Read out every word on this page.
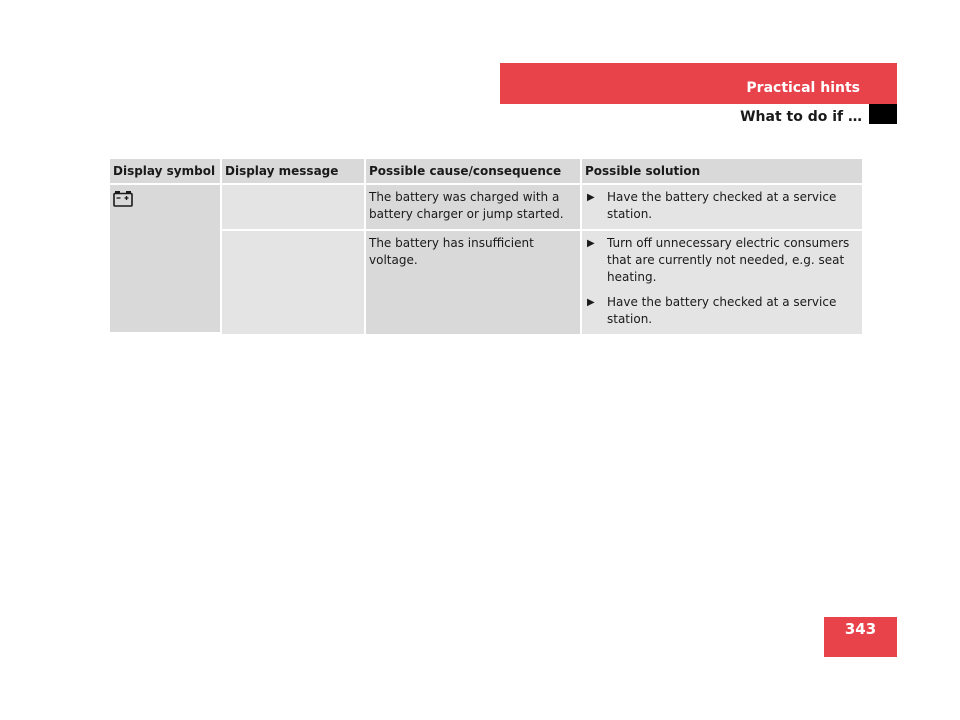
Practical hints
What to do if …
Display symbol	Display message	Possible cause/consequence	Possible solution
		The battery was charged with a battery charger or jump started.	▶ Have the battery checked at a service station.

		The battery has insufficient voltage.	▶ Turn off unnecessary electric consumers that are currently not needed, e.g. seat heating.
▶ Have the battery checked at a service station.
343
